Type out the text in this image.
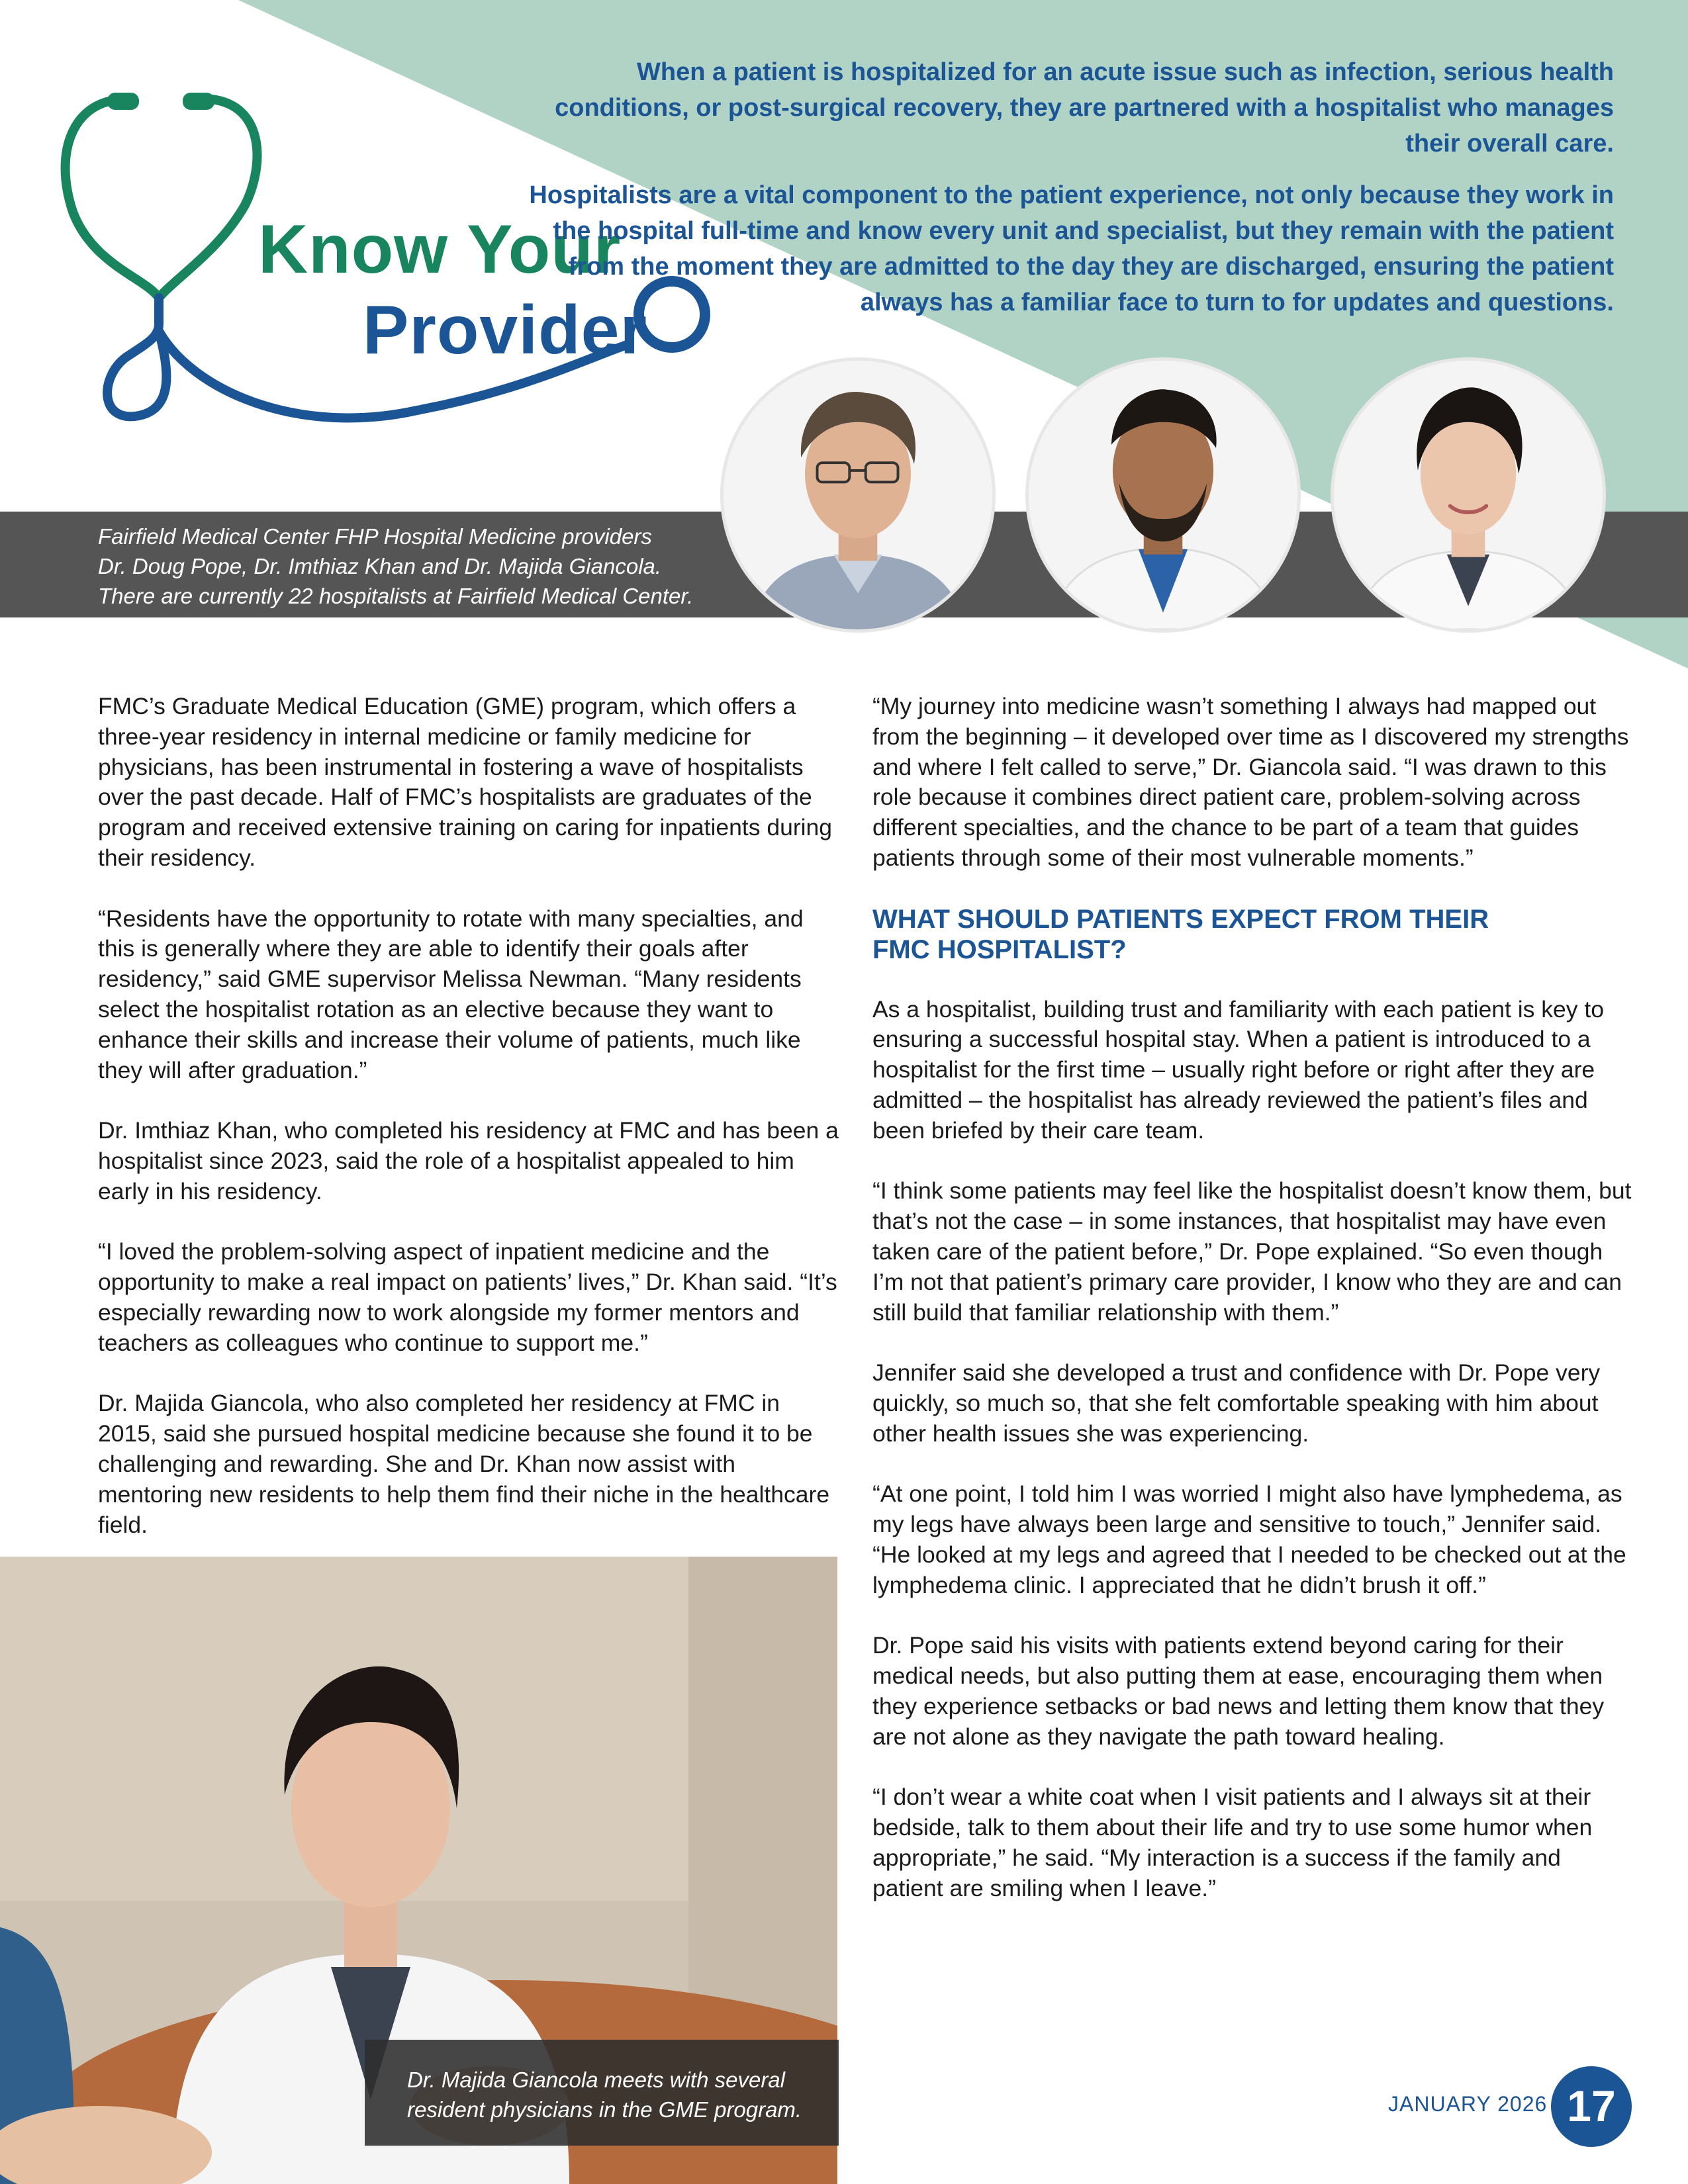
Know Your
Provider

When a patient is hospitalized for an acute issue such as infection, serious health conditions, or post-surgical recovery, they are partnered with a hospitalist who manages their overall care.

Hospitalists are a vital component to the patient experience, not only because they work in the hospital full-time and know every unit and specialist, but they remain with the patient from the moment they are admitted to the day they are discharged, ensuring the patient always has a familiar face to turn to for updates and questions.

Fairfield Medical Center FHP Hospital Medicine providers
Dr. Doug Pope, Dr. Imthiaz Khan and Dr. Majida Giancola.
There are currently 22 hospitalists at Fairfield Medical Center.

FMC’s Graduate Medical Education (GME) program, which offers a three-year residency in internal medicine or family medicine for physicians, has been instrumental in fostering a wave of hospitalists over the past decade. Half of FMC’s hospitalists are graduates of the program and received extensive training on caring for inpatients during their residency.

“Residents have the opportunity to rotate with many specialties, and this is generally where they are able to identify their goals after residency,” said GME supervisor Melissa Newman. “Many residents select the hospitalist rotation as an elective because they want to enhance their skills and increase their volume of patients, much like they will after graduation.”

Dr. Imthiaz Khan, who completed his residency at FMC and has been a hospitalist since 2023, said the role of a hospitalist appealed to him early in his residency.

“I loved the problem-solving aspect of inpatient medicine and the opportunity to make a real impact on patients’ lives,” Dr. Khan said. “It’s especially rewarding now to work alongside my former mentors and teachers as colleagues who continue to support me.”

Dr. Majida Giancola, who also completed her residency at FMC in 2015, said she pursued hospital medicine because she found it to be challenging and rewarding. She and Dr. Khan now assist with mentoring new residents to help them find their niche in the healthcare field.

“My journey into medicine wasn’t something I always had mapped out from the beginning – it developed over time as I discovered my strengths and where I felt called to serve,” Dr. Giancola said. “I was drawn to this role because it combines direct patient care, problem-solving across different specialties, and the chance to be part of a team that guides patients through some of their most vulnerable moments.”

WHAT SHOULD PATIENTS EXPECT FROM THEIR
FMC HOSPITALIST?

As a hospitalist, building trust and familiarity with each patient is key to ensuring a successful hospital stay. When a patient is introduced to a hospitalist for the first time – usually right before or right after they are admitted – the hospitalist has already reviewed the patient’s files and been briefed by their care team.

“I think some patients may feel like the hospitalist doesn’t know them, but that’s not the case – in some instances, that hospitalist may have even taken care of the patient before,” Dr. Pope explained. “So even though I’m not that patient’s primary care provider, I know who they are and can still build that familiar relationship with them.”

Jennifer said she developed a trust and confidence with Dr. Pope very quickly, so much so, that she felt comfortable speaking with him about other health issues she was experiencing.

“At one point, I told him I was worried I might also have lymphedema, as my legs have always been large and sensitive to touch,” Jennifer said. “He looked at my legs and agreed that I needed to be checked out at the lymphedema clinic. I appreciated that he didn’t brush it off.”

Dr. Pope said his visits with patients extend beyond caring for their medical needs, but also putting them at ease, encouraging them when they experience setbacks or bad news and letting them know that they are not alone as they navigate the path toward healing.

“I don’t wear a white coat when I visit patients and I always sit at their bedside, talk to them about their life and try to use some humor when appropriate,” he said. “My interaction is a success if the family and patient are smiling when I leave.”

Dr. Majida Giancola meets with several
resident physicians in the GME program.	JANUARY 2026 17
